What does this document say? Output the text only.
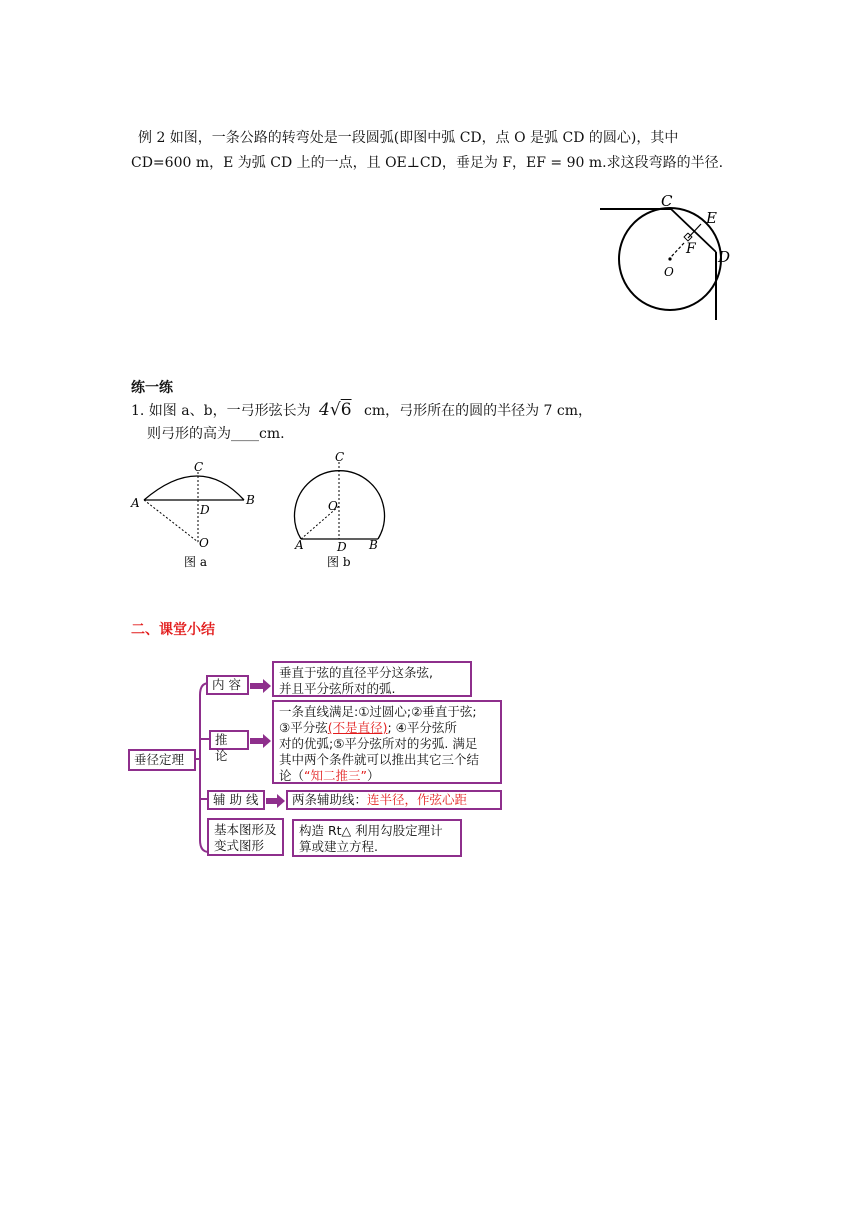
例 2 如图，一条公路的转弯处是一段圆弧(即图中弧 CD，点 O 是弧 CD 的圆心)，其中
CD=600 m，E 为弧 CD 上的一点，且 OE⊥CD，垂足为 F，EF = 90 m.求这段弯路的半径.
C
E
F
O
D
练一练
1. 如图 a、b，一弓形弦长为 4√6 cm，弓形所在的圆的半径为 7 cm，
则弓形的高为____cm.
C
A	B
D
O
图 a
C
O
A	D B
图 b
二、课堂小结
垂径定理
内 容
垂直于弦的直径平分这条弦,
并且平分弦所对的弧.
推 论
一条直线满足:①过圆心;②垂直于弦;
③平分弦(不是直径); ④平分弦所
对的优弧;⑤平分弦所对的劣弧. 满足
其中两个条件就可以推出其它三个结
论（“知二推三”）
辅 助 线	两条辅助线：连半径，作弦心距
基本图形及
变式图形
构造 Rt△ 利用勾股定理计
算或建立方程.
